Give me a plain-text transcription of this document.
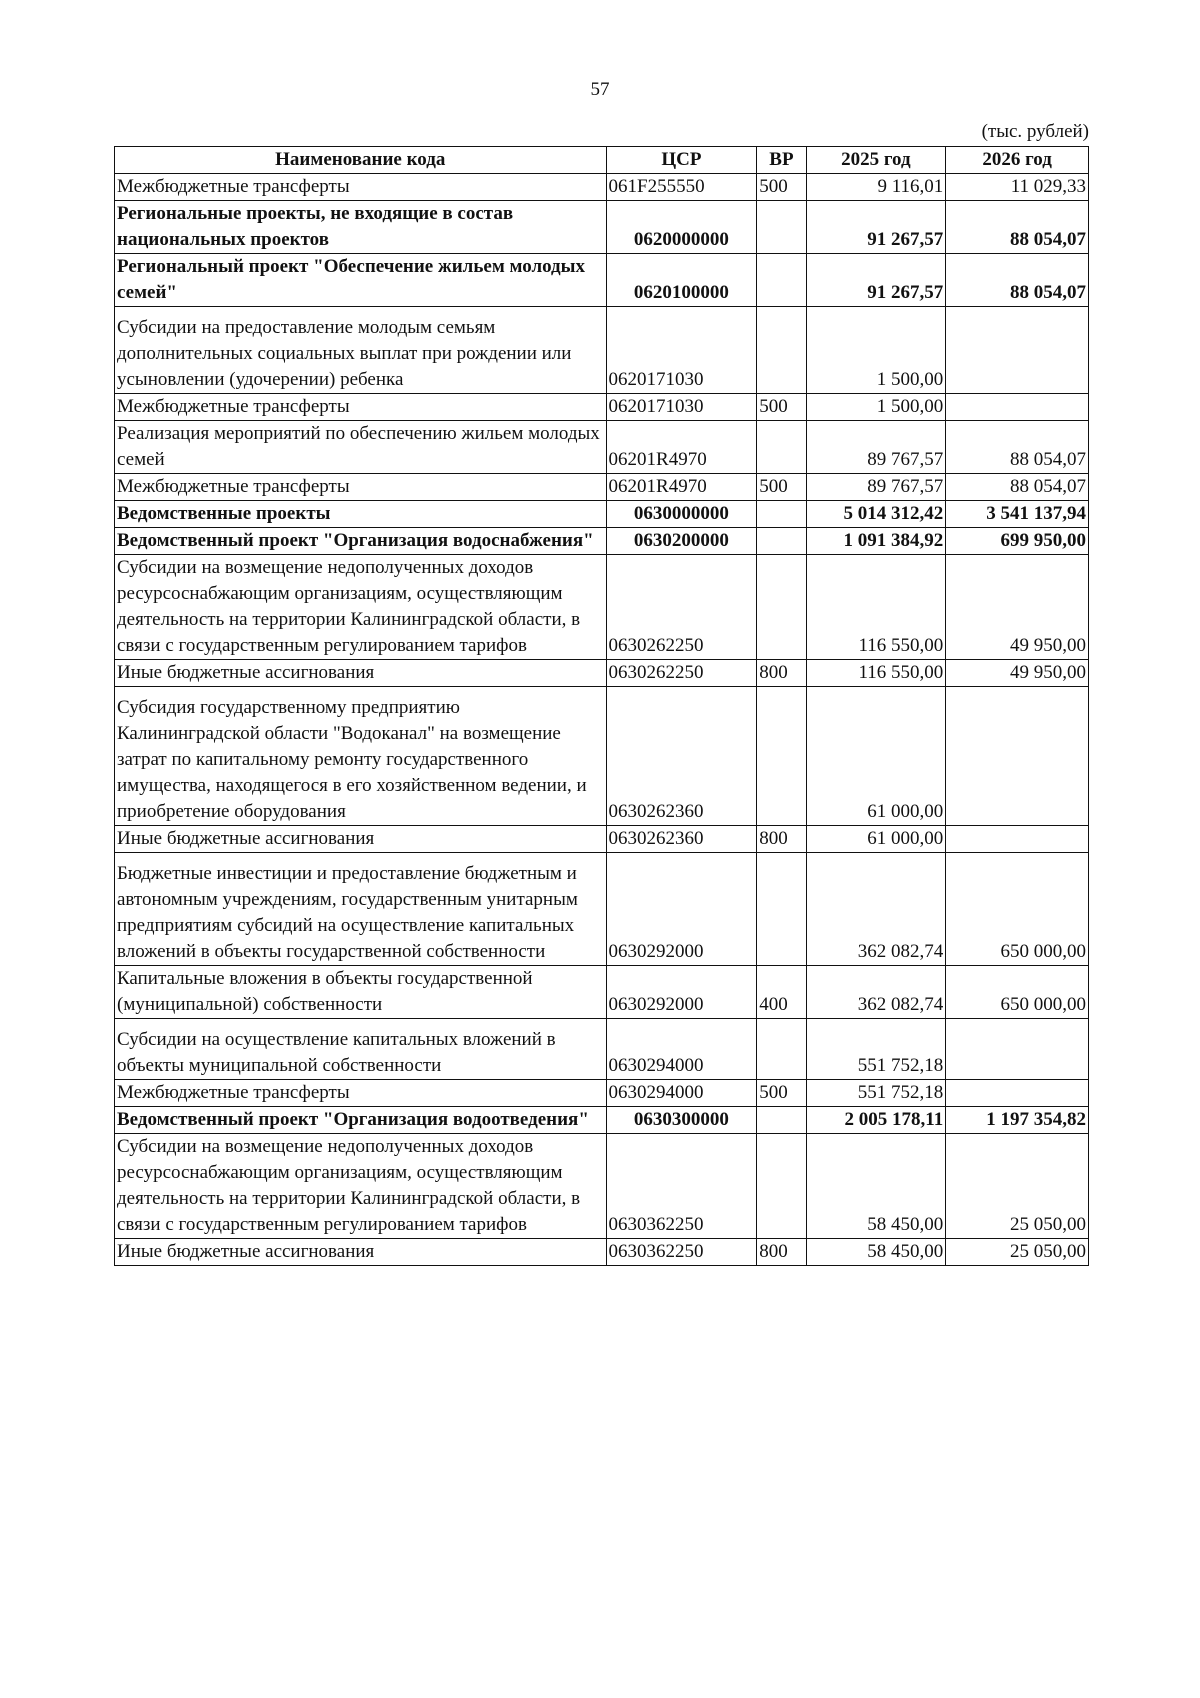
57
(тыс. рублей)
Наименование кода	ЦСР	ВР	2025 год	2026 год
Межбюджетные трансферты	061F255550	500	9 116,01	11 029,33
Региональные проекты, не входящие в состав национальных проектов	0620000000		91 267,57	88 054,07
Региональный проект "Обеспечение жильем молодых семей"	0620100000		91 267,57	88 054,07
Субсидии на предоставление молодым семьям дополнительных социальных выплат при рождении или усыновлении (удочерении) ребенка	0620171030		1 500,00	
Межбюджетные трансферты	0620171030	500	1 500,00	
Реализация мероприятий по обеспечению жильем молодых семей	06201R4970		89 767,57	88 054,07
Межбюджетные трансферты	06201R4970	500	89 767,57	88 054,07
Ведомственные проекты	0630000000		5 014 312,42	3 541 137,94
Ведомственный проект "Организация водоснабжения"	0630200000		1 091 384,92	699 950,00
Субсидии на возмещение недополученных доходов ресурсоснабжающим организациям, осуществляющим деятельность на территории Калининградской области, в связи с государственным регулированием тарифов	0630262250		116 550,00	49 950,00
Иные бюджетные ассигнования	0630262250	800	116 550,00	49 950,00
Субсидия государственному предприятию Калининградской области "Водоканал" на возмещение затрат по капитальному ремонту государственного имущества, находящегося в его хозяйственном ведении, и приобретение оборудования	0630262360		61 000,00	
Иные бюджетные ассигнования	0630262360	800	61 000,00	
Бюджетные инвестиции и предоставление бюджетным и автономным учреждениям, государственным унитарным предприятиям субсидий на осуществление капитальных вложений в объекты государственной собственности	0630292000		362 082,74	650 000,00
Капитальные вложения в объекты государственной (муниципальной) собственности	0630292000	400	362 082,74	650 000,00
Субсидии на осуществление капитальных вложений в объекты муниципальной собственности	0630294000		551 752,18	
Межбюджетные трансферты	0630294000	500	551 752,18	
Ведомственный проект "Организация водоотведения"	0630300000		2 005 178,11	1 197 354,82
Субсидии на возмещение недополученных доходов ресурсоснабжающим организациям, осуществляющим деятельность на территории Калининградской области, в связи с государственным регулированием тарифов	0630362250		58 450,00	25 050,00
Иные бюджетные ассигнования	0630362250	800	58 450,00	25 050,00
